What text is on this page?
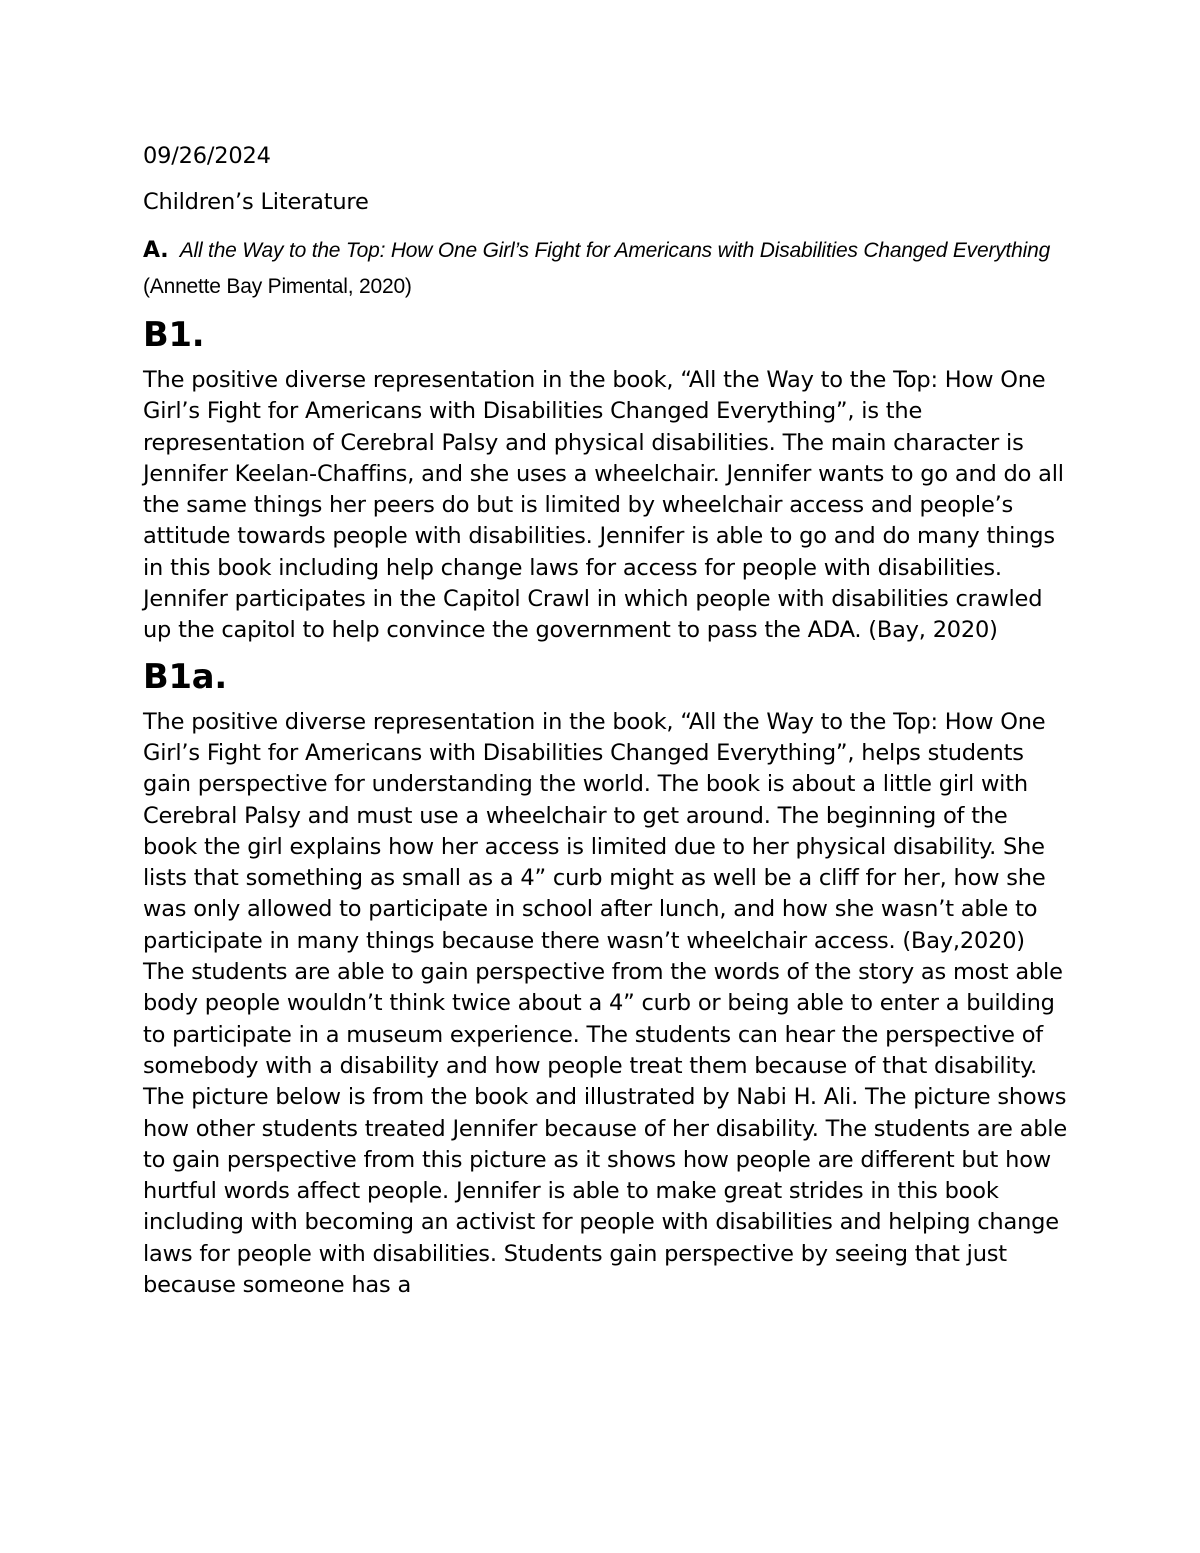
09/26/2024

Children’s Literature

A. All the Way to the Top: How One Girl’s Fight for Americans with Disabilities Changed Everything (Annette Bay Pimental, 2020)

B1.

The positive diverse representation in the book, “All the Way to the Top: How One Girl’s Fight for Americans with Disabilities Changed Everything”, is the representation of Cerebral Palsy and physical disabilities. The main character is Jennifer Keelan-Chaffins, and she uses a wheelchair. Jennifer wants to go and do all the same things her peers do but is limited by wheelchair access and people’s attitude towards people with disabilities. Jennifer is able to go and do many things in this book including help change laws for access for people with disabilities. Jennifer participates in the Capitol Crawl in which people with disabilities crawled up the capitol to help convince the government to pass the ADA. (Bay, 2020)

B1a.

The positive diverse representation in the book, “All the Way to the Top: How One Girl’s Fight for Americans with Disabilities Changed Everything”, helps students gain perspective for understanding the world. The book is about a little girl with Cerebral Palsy and must use a wheelchair to get around. The beginning of the book the girl explains how her access is limited due to her physical disability. She lists that something as small as a 4” curb might as well be a cliff for her, how she was only allowed to participate in school after lunch, and how she wasn’t able to participate in many things because there wasn’t wheelchair access. (Bay,2020) The students are able to gain perspective from the words of the story as most able body people wouldn’t think twice about a 4” curb or being able to enter a building to participate in a museum experience. The students can hear the perspective of somebody with a disability and how people treat them because of that disability. The picture below is from the book and illustrated by Nabi H. Ali. The picture shows how other students treated Jennifer because of her disability. The students are able to gain perspective from this picture as it shows how people are different but how hurtful words affect people. Jennifer is able to make great strides in this book including with becoming an activist for people with disabilities and helping change laws for people with disabilities. Students gain perspective by seeing that just because someone has a
